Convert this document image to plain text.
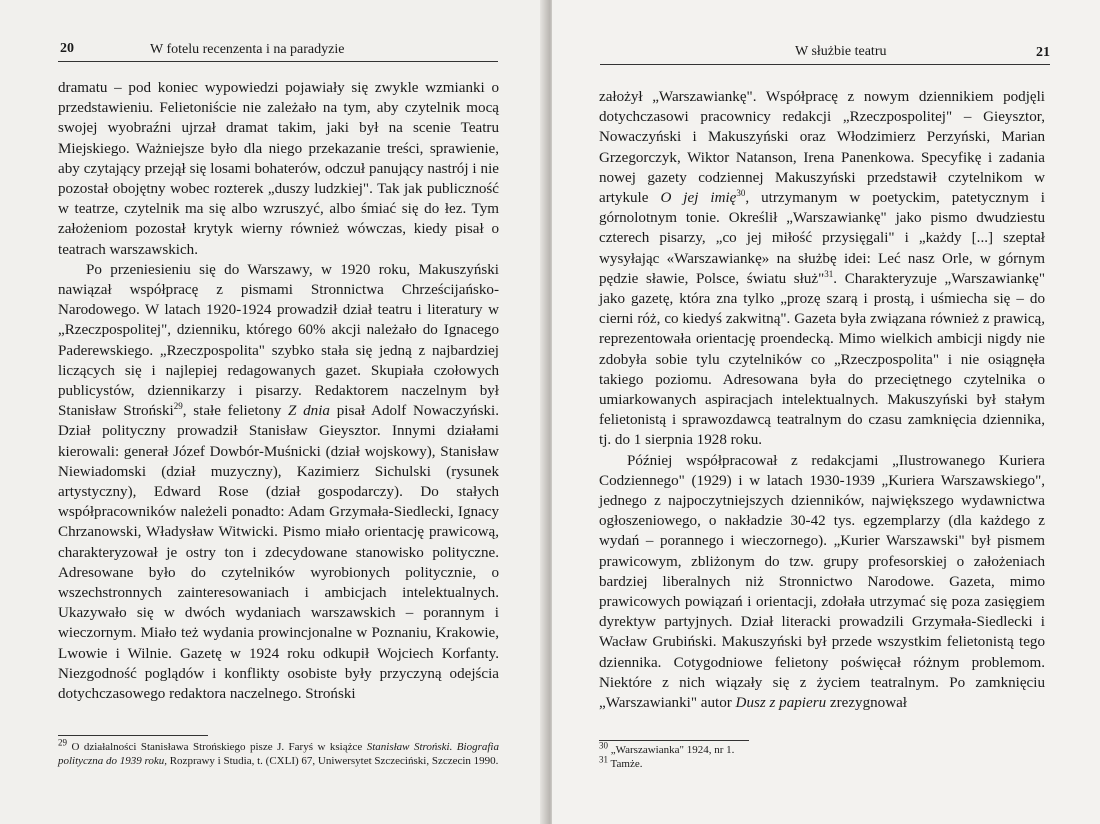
20	W fotelu recenzenta i na paradyzie

dramatu – pod koniec wypowiedzi pojawiały się zwykle wzmianki o przedstawieniu. Felietoniście nie zależało na tym, aby czytelnik mocą swojej wyobraźni ujrzał dramat takim, jaki był na scenie Teatru Miejskiego. Ważniejsze było dla niego przekazanie treści, sprawienie, aby czytający przejął się losami bohaterów, odczuł panujący nastrój i nie pozostał obojętny wobec rozterek „duszy ludzkiej". Tak jak publiczność w teatrze, czytelnik ma się albo wzruszyć, albo śmiać się do łez. Tym założeniom pozostał krytyk wierny również wówczas, kiedy pisał o teatrach warszawskich.

Po przeniesieniu się do Warszawy, w 1920 roku, Makuszyński nawiązał współpracę z pismami Stronnictwa Chrześcijańsko-Narodowego. W latach 1920-1924 prowadził dział teatru i literatury w „Rzeczpospolitej", dzienniku, którego 60% akcji należało do Ignacego Paderewskiego. „Rzeczpospolita" szybko stała się jedną z najbardziej liczących się i najlepiej redagowanych gazet. Skupiała czołowych publicystów, dziennikarzy i pisarzy. Redaktorem naczelnym był Stanisław Stroński$^{29}$, stałe felietony Z dnia pisał Adolf Nowaczyński. Dział polityczny prowadził Stanisław Gieysztor. Innymi działami kierowali: generał Józef Dowbór-Muśnicki (dział wojskowy), Stanisław Niewiadomski (dział muzyczny), Kazimierz Sichulski (rysunek artystyczny), Edward Rose (dział gospodarczy). Do stałych współpracowników należeli ponadto: Adam Grzymała-Siedlecki, Ignacy Chrzanowski, Władysław Witwicki. Pismo miało orientację prawicową, charakteryzował je ostry ton i zdecydowane stanowisko polityczne. Adresowane było do czytelników wyrobionych politycznie, o wszechstronnych zainteresowaniach i ambicjach intelektualnych. Ukazywało się w dwóch wydaniach warszawskich – porannym i wieczornym. Miało też wydania prowincjonalne w Poznaniu, Krakowie, Lwowie i Wilnie. Gazetę w 1924 roku odkupił Wojciech Korfanty. Niezgodność poglądów i konflikty osobiste były przyczyną odejścia dotychczasowego redaktora naczelnego. Stroński

$^{29}$ O działalności Stanisława Strońskiego pisze J. Faryś w książce Stanisław Stroński. Biografia polityczna do 1939 roku, Rozprawy i Studia, t. (CXLI) 67, Uniwersytet Szczeciński, Szczecin 1990.
W służbie teatru	21

założył „Warszawiankę". Współpracę z nowym dziennikiem podjęli dotychczasowi pracownicy redakcji „Rzeczpospolitej" – Gieysztor, Nowaczyński i Makuszyński oraz Włodzimierz Perzyński, Marian Grzegorczyk, Wiktor Natanson, Irena Panenkowa. Specyfikę i zadania nowej gazety codziennej Makuszyński przedstawił czytelnikom w artykule O jej imię$^{30}$, utrzymanym w poetyckim, patetycznym i górnolotnym tonie. Określił „Warszawiankę" jako pismo dwudziestu czterech pisarzy, „co jej miłość przysięgali" i „każdy [...] szeptał wysyłając «Warszawiankę» na służbę idei: Leć nasz Orle, w górnym pędzie sławie, Polsce, światu służ"$^{31}$. Charakteryzuje „Warszawiankę" jako gazetę, która zna tylko „prozę szarą i prostą, i uśmiecha się – do cierni róż, co kiedyś zakwitną". Gazeta była związana również z prawicą, reprezentowała orientację proendecką. Mimo wielkich ambicji nigdy nie zdobyła sobie tylu czytelników co „Rzeczpospolita" i nie osiągnęła takiego poziomu. Adresowana była do przeciętnego czytelnika o umiarkowanych aspiracjach intelektualnych. Makuszyński był stałym felietonistą i sprawozdawcą teatralnym do czasu zamknięcia dziennika, tj. do 1 sierpnia 1928 roku.

Później współpracował z redakcjami „Ilustrowanego Kuriera Codziennego" (1929) i w latach 1930-1939 „Kuriera Warszawskiego", jednego z najpoczytniejszych dzienników, największego wydawnictwa ogłoszeniowego, o nakładzie 30-42 tys. egzemplarzy (dla każdego z wydań – porannego i wieczornego). „Kurier Warszawski" był pismem prawicowym, zbliżonym do tzw. grupy profesorskiej o założeniach bardziej liberalnych niż Stronnictwo Narodowe. Gazeta, mimo prawicowych powiązań i orientacji, zdołała utrzymać się poza zasięgiem dyrektyw partyjnych. Dział literacki prowadzili Grzymała-Siedlecki i Wacław Grubiński. Makuszyński był przede wszystkim felietonistą tego dziennika. Cotygodniowe felietony poświęcał różnym problemom. Niektóre z nich wiązały się z życiem teatralnym. Po zamknięciu „Warszawianki" autor Dusz z papieru zrezygnował

$^{30}$ „Warszawianka" 1924, nr 1.
$^{31}$ Tamże.
